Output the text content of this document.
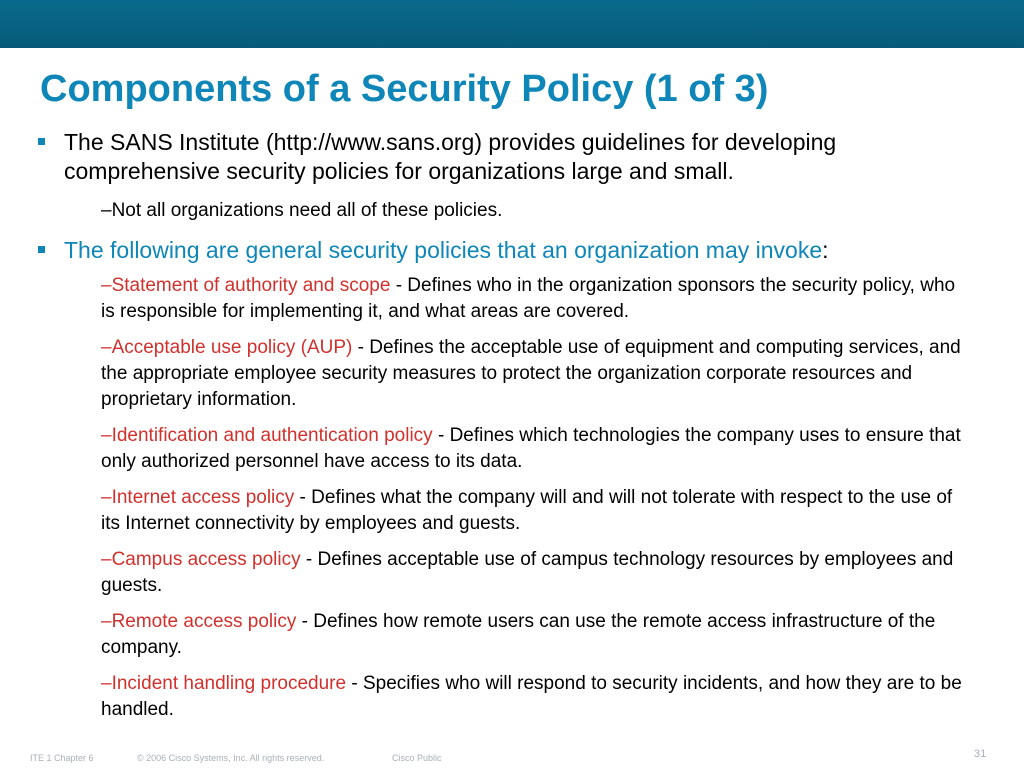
Components of a Security Policy (1 of 3)
The SANS Institute (http://www.sans.org) provides guidelines for developing comprehensive security policies for organizations large and small.
–Not all organizations need all of these policies.
The following are general security policies that an organization may invoke:
–Statement of authority and scope - Defines who in the organization sponsors the security policy, who is responsible for implementing it, and what areas are covered.
–Acceptable use policy (AUP) - Defines the acceptable use of equipment and computing services, and the appropriate employee security measures to protect the organization corporate resources and proprietary information.
–Identification and authentication policy - Defines which technologies the company uses to ensure that only authorized personnel have access to its data.
–Internet access policy - Defines what the company will and will not tolerate with respect to the use of its Internet connectivity by employees and guests.
–Campus access policy - Defines acceptable use of campus technology resources by employees and guests.
–Remote access policy - Defines how remote users can use the remote access infrastructure of the company.
–Incident handling procedure - Specifies who will respond to security incidents, and how they are to be handled.
ITE 1 Chapter 6	© 2006 Cisco Systems, Inc. All rights reserved.	Cisco Public	31
